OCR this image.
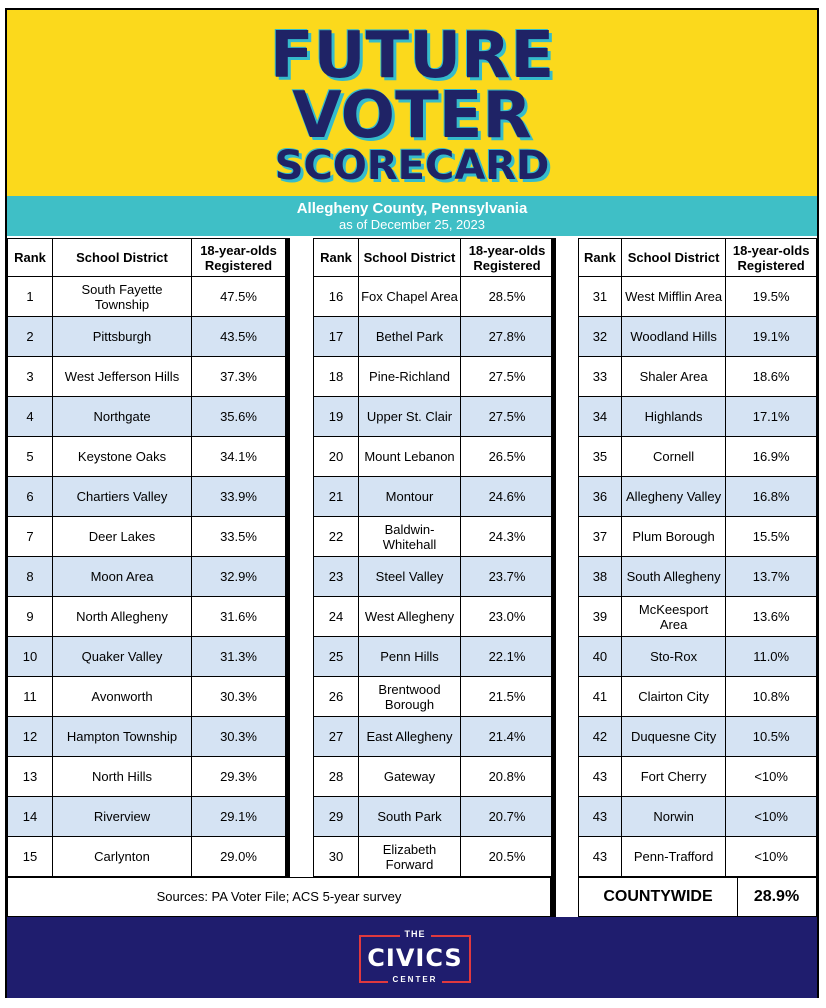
FUTURE
VOTER
SCORECARD
Allegheny County, Pennsylvania
as of December 25, 2023
Rank	School District	18-year-olds Registered
1	South Fayette Township	47.5%
2	Pittsburgh	43.5%
3	West Jefferson Hills	37.3%
4	Northgate	35.6%
5	Keystone Oaks	34.1%
6	Chartiers Valley	33.9%
7	Deer Lakes	33.5%
8	Moon Area	32.9%
9	North Allegheny	31.6%
10	Quaker Valley	31.3%
11	Avonworth	30.3%
12	Hampton Township	30.3%
13	North Hills	29.3%
14	Riverview	29.1%
15	Carlynton	29.0%
Rank	School District	18-year-olds Registered
16	Fox Chapel Area	28.5%
17	Bethel Park	27.8%
18	Pine-Richland	27.5%
19	Upper St. Clair	27.5%
20	Mount Lebanon	26.5%
21	Montour	24.6%
22	Baldwin-Whitehall	24.3%
23	Steel Valley	23.7%
24	West Allegheny	23.0%
25	Penn Hills	22.1%
26	Brentwood Borough	21.5%
27	East Allegheny	21.4%
28	Gateway	20.8%
29	South Park	20.7%
30	Elizabeth Forward	20.5%
Rank	School District	18-year-olds Registered
31	West Mifflin Area	19.5%
32	Woodland Hills	19.1%
33	Shaler Area	18.6%
34	Highlands	17.1%
35	Cornell	16.9%
36	Allegheny Valley	16.8%
37	Plum Borough	15.5%
38	South Allegheny	13.7%
39	McKeesport Area	13.6%
40	Sto-Rox	11.0%
41	Clairton City	10.8%
42	Duquesne City	10.5%
43	Fort Cherry	<10%
43	Norwin	<10%
43	Penn-Trafford	<10%
Sources: PA Voter File; ACS 5-year survey	COUNTYWIDE	28.9%
THE
CIVICS
CENTER
